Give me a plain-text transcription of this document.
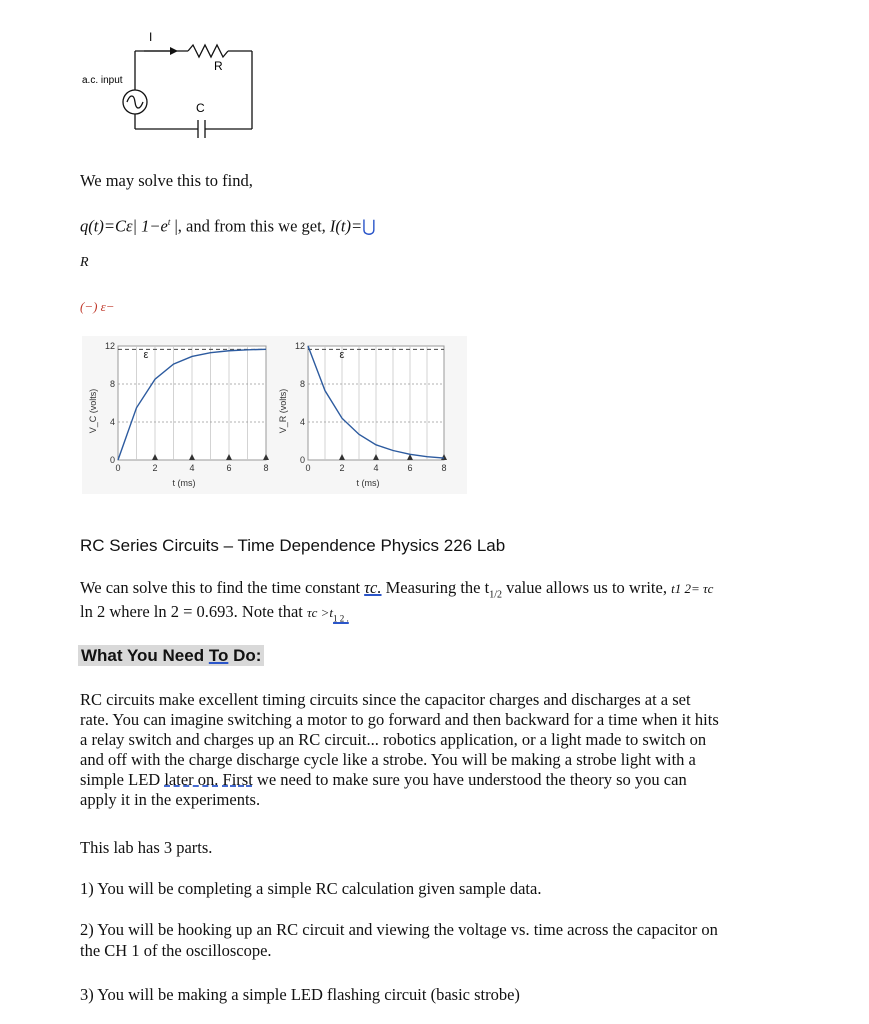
I
R
C
a.c. input
We may solve this to find,
q(t)=Cε| $1-e^t$ |, and from this we get, I(t)=⋃
R
(−) ε−
0	2	4	6	8
0
4
8
12
ε
t (ms)
V_C (volts)
0	2	4	6	8
0
4
8
12
ε
t (ms)
V_R (volts)
RC Series Circuits – Time Dependence Physics 226 Lab
We can solve this to find the time constant τc. Measuring the $t_{1/2}$ value allows us to write, t1 2= τc
ln 2 where ln 2 = 0.693. Note that $\tau c >t_{1 2 .}$
What You Need To Do:
RC circuits make excellent timing circuits since the capacitor charges and discharges at a set
rate. You can imagine switching a motor to go forward and then backward for a time when it hits
a relay switch and charges up an RC circuit... robotics application, or a light made to switch on
and off with the charge discharge cycle like a strobe. You will be making a strobe light with a
simple LED later on. First we need to make sure you have understood the theory so you can
apply it in the experiments.
This lab has 3 parts.
1) You will be completing a simple RC calculation given sample data.
2) You will be hooking up an RC circuit and viewing the voltage vs. time across the capacitor on
the CH 1 of the oscilloscope.
3) You will be making a simple LED flashing circuit (basic strobe)
